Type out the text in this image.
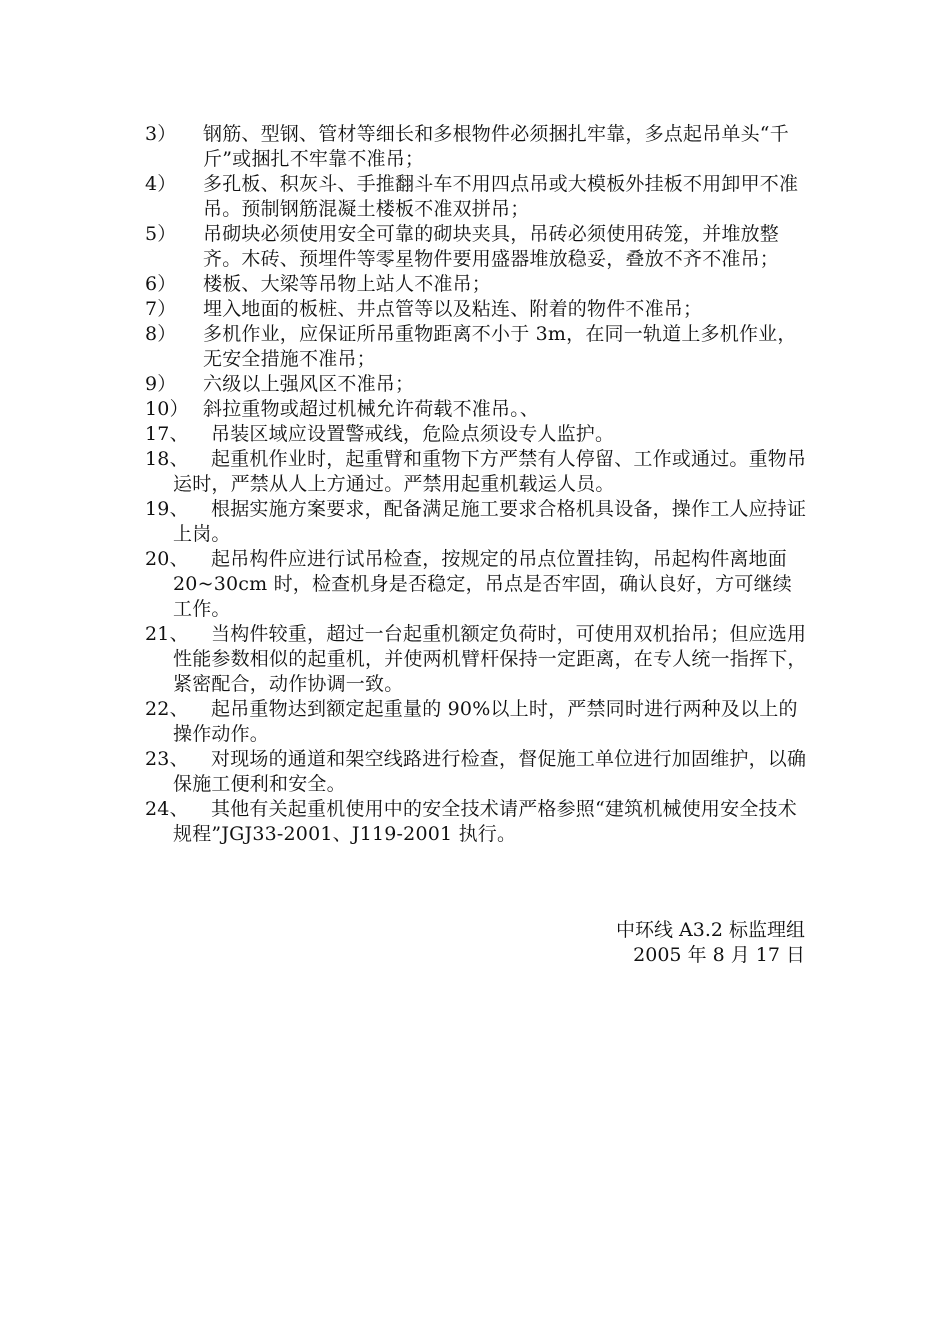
3） 钢筋、型钢、管材等细长和多根物件必须捆扎牢靠，多点起吊单头“千斤”或捆扎不牢靠不准吊；
4） 多孔板、积灰斗、手推翻斗车不用四点吊或大模板外挂板不用卸甲不准吊。预制钢筋混凝土楼板不准双拼吊；
5） 吊砌块必须使用安全可靠的砌块夹具，吊砖必须使用砖笼，并堆放整齐。木砖、预埋件等零星物件要用盛器堆放稳妥，叠放不齐不准吊；
6） 楼板、大梁等吊物上站人不准吊；
7） 埋入地面的板桩、井点管等以及粘连、附着的物件不准吊；
8） 多机作业，应保证所吊重物距离不小于 3m，在同一轨道上多机作业，无安全措施不准吊；
9） 六级以上强风区不准吊；
10） 斜拉重物或超过机械允许荷载不准吊。、
17、 吊装区域应设置警戒线，危险点须设专人监护。
18、 起重机作业时，起重臂和重物下方严禁有人停留、工作或通过。重物吊运时，严禁从人上方通过。严禁用起重机载运人员。
19、 根据实施方案要求，配备满足施工要求合格机具设备，操作工人应持证上岗。
20、 起吊构件应进行试吊检查，按规定的吊点位置挂钩，吊起构件离地面 20~30cm 时，检查机身是否稳定，吊点是否牢固，确认良好，方可继续工作。
21、 当构件较重，超过一台起重机额定负荷时，可使用双机抬吊；但应选用性能参数相似的起重机，并使两机臂杆保持一定距离，在专人统一指挥下，紧密配合，动作协调一致。
22、 起吊重物达到额定起重量的 90%以上时，严禁同时进行两种及以上的操作动作。
23、 对现场的通道和架空线路进行检查，督促施工单位进行加固维护，以确保施工便利和安全。
24、 其他有关起重机使用中的安全技术请严格参照“建筑机械使用安全技术规程”JGJ33-2001、J119-2001 执行。
中环线 A3.2 标监理组
2005 年 8 月 17 日
